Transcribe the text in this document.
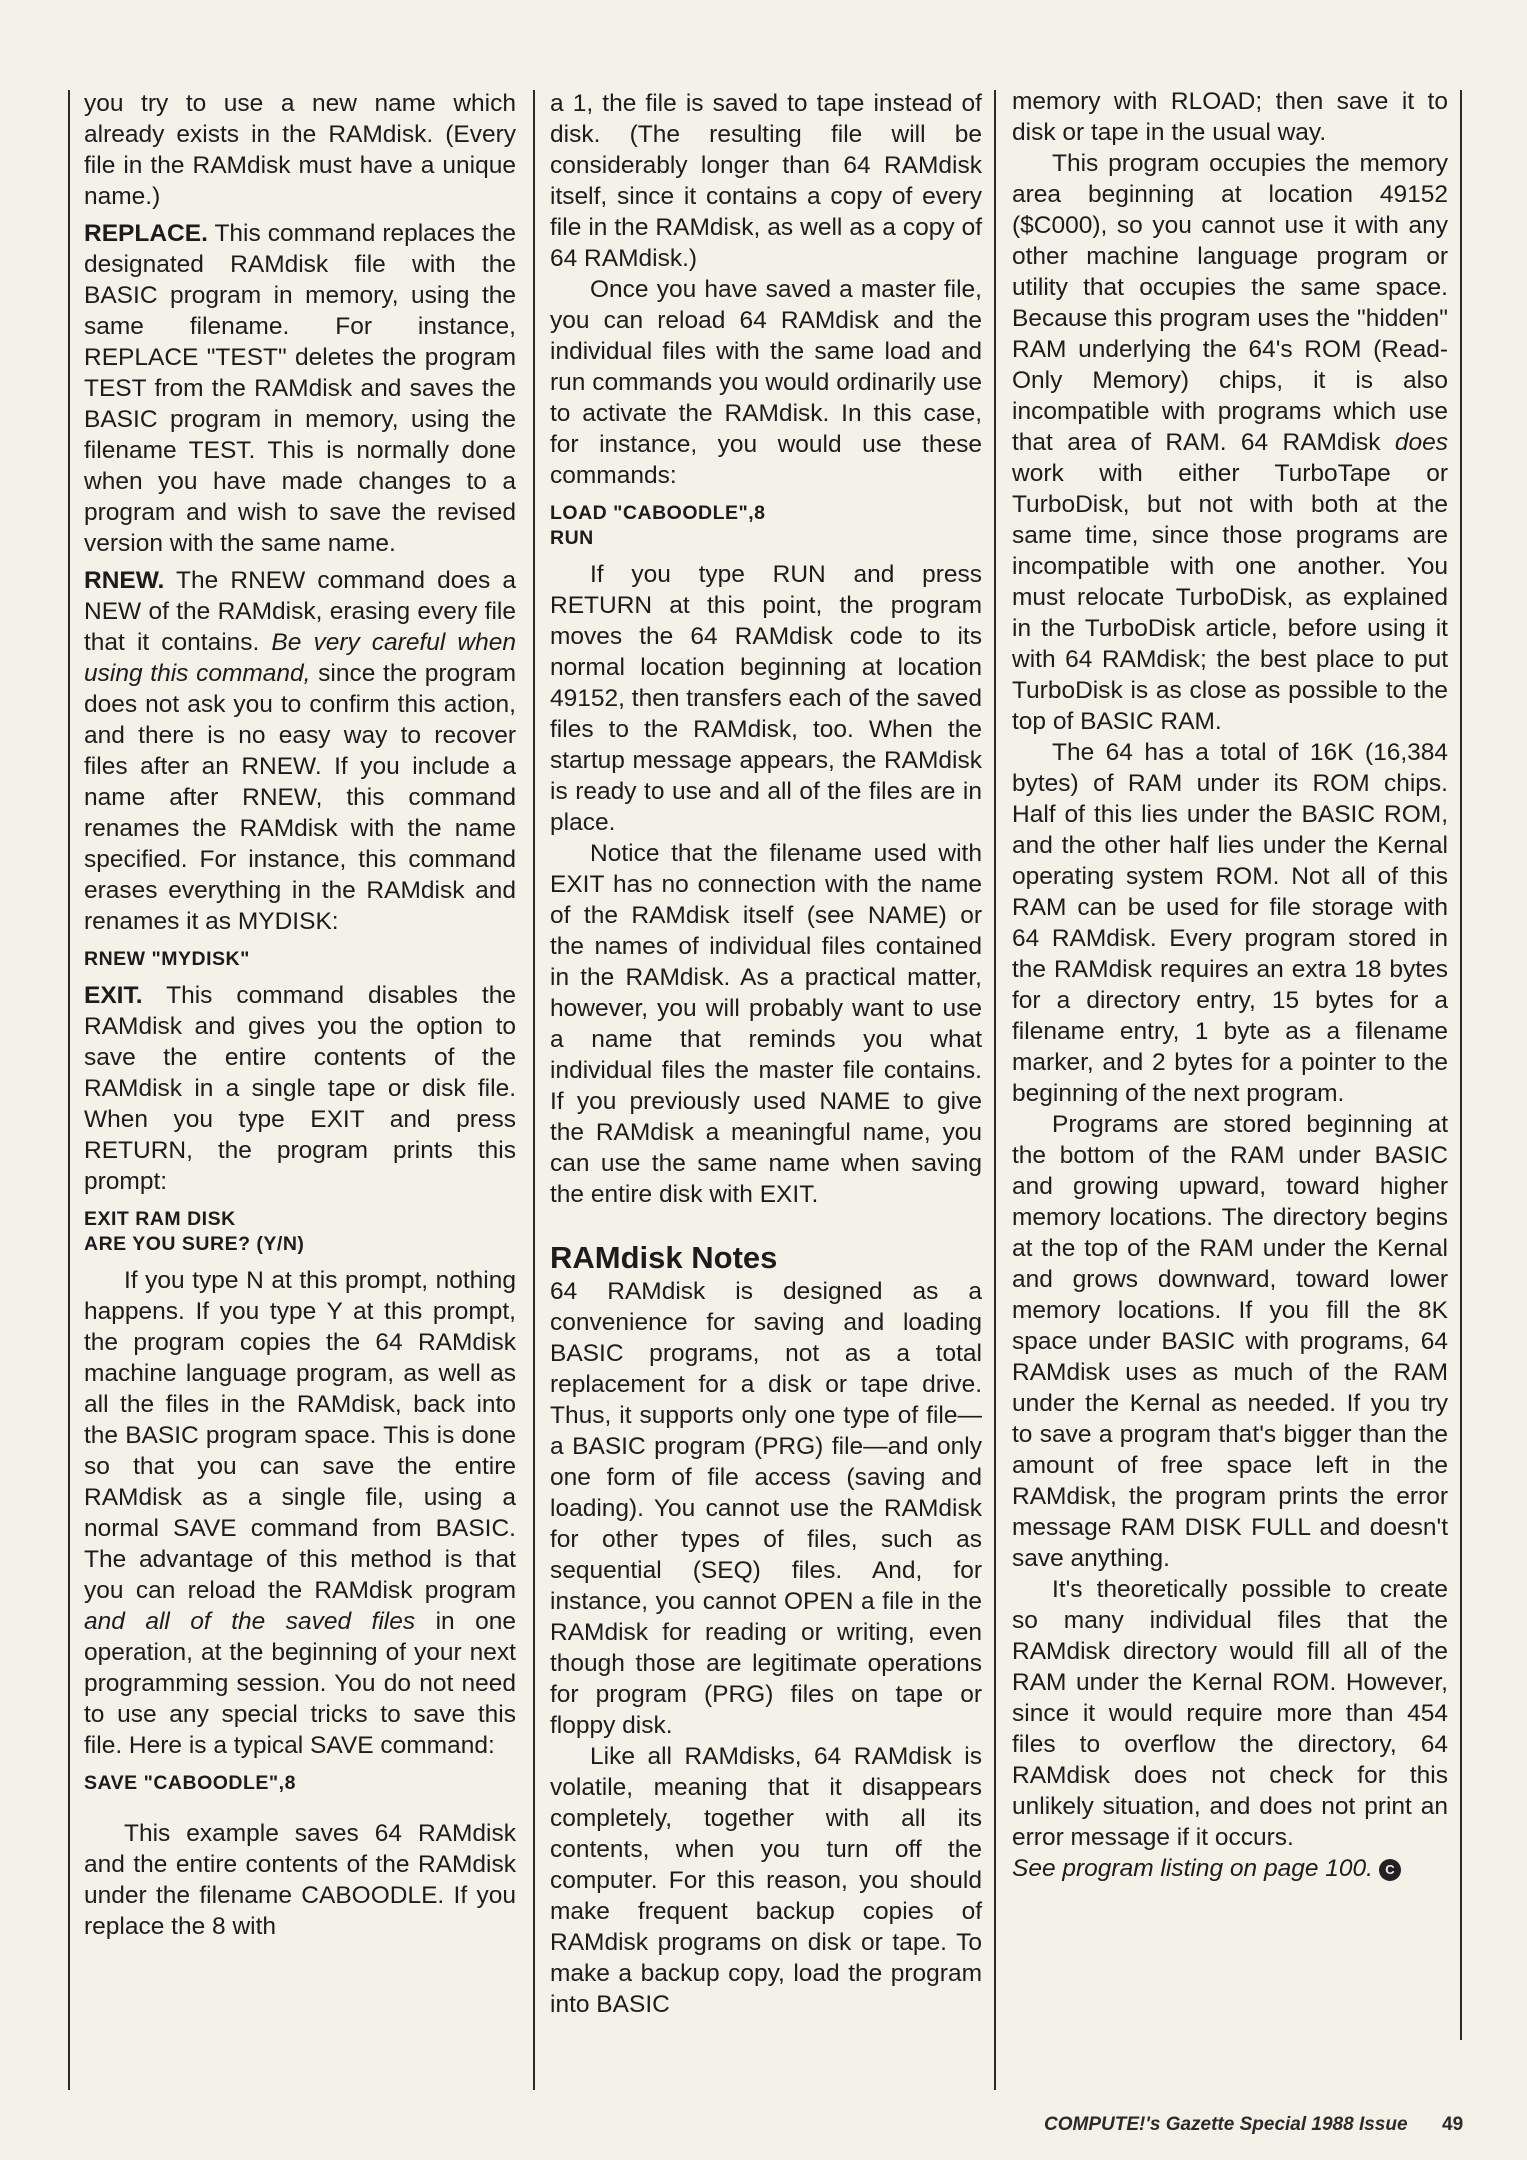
you try to use a new name which already exists in the RAMdisk. (Every file in the RAMdisk must have a unique name.)

REPLACE. This command replaces the designated RAMdisk file with the BASIC program in memory, using the same filename. For instance, REPLACE "TEST" deletes the program TEST from the RAMdisk and saves the BASIC program in memory, using the filename TEST. This is normally done when you have made changes to a program and wish to save the revised version with the same name.

RNEW. The RNEW command does a NEW of the RAMdisk, erasing every file that it contains. Be very careful when using this command, since the program does not ask you to confirm this action, and there is no easy way to recover files after an RNEW. If you include a name after RNEW, this command renames the RAMdisk with the name specified. For instance, this command erases everything in the RAMdisk and renames it as MYDISK:

RNEW "MYDISK"

EXIT. This command disables the RAMdisk and gives you the option to save the entire contents of the RAMdisk in a single tape or disk file. When you type EXIT and press RETURN, the program prints this prompt:

EXIT RAM DISK
ARE YOU SURE? (Y/N)

If you type N at this prompt, nothing happens. If you type Y at this prompt, the program copies the 64 RAMdisk machine language program, as well as all the files in the RAMdisk, back into the BASIC program space. This is done so that you can save the entire RAMdisk as a single file, using a normal SAVE command from BASIC. The advantage of this method is that you can reload the RAMdisk program and all of the saved files in one operation, at the beginning of your next programming session. You do not need to use any special tricks to save this file. Here is a typical SAVE command:

SAVE "CABOODLE",8

This example saves 64 RAMdisk and the entire contents of the RAMdisk under the filename CABOODLE. If you replace the 8 with

a 1, the file is saved to tape instead of disk. (The resulting file will be considerably longer than 64 RAMdisk itself, since it contains a copy of every file in the RAMdisk, as well as a copy of 64 RAMdisk.)

Once you have saved a master file, you can reload 64 RAMdisk and the individual files with the same load and run commands you would ordinarily use to activate the RAMdisk. In this case, for instance, you would use these commands:

LOAD "CABOODLE",8
RUN

If you type RUN and press RETURN at this point, the program moves the 64 RAMdisk code to its normal location beginning at location 49152, then transfers each of the saved files to the RAMdisk, too. When the startup message appears, the RAMdisk is ready to use and all of the files are in place.

Notice that the filename used with EXIT has no connection with the name of the RAMdisk itself (see NAME) or the names of individual files contained in the RAMdisk. As a practical matter, however, you will probably want to use a name that reminds you what individual files the master file contains. If you previously used NAME to give the RAMdisk a meaningful name, you can use the same name when saving the entire disk with EXIT.

RAMdisk Notes

64 RAMdisk is designed as a convenience for saving and loading BASIC programs, not as a total replacement for a disk or tape drive. Thus, it supports only one type of file—a BASIC program (PRG) file—and only one form of file access (saving and loading). You cannot use the RAMdisk for other types of files, such as sequential (SEQ) files. And, for instance, you cannot OPEN a file in the RAMdisk for reading or writing, even though those are legitimate operations for program (PRG) files on tape or floppy disk.

Like all RAMdisks, 64 RAMdisk is volatile, meaning that it disappears completely, together with all its contents, when you turn off the computer. For this reason, you should make frequent backup copies of RAMdisk programs on disk or tape. To make a backup copy, load the program into BASIC

memory with RLOAD; then save it to disk or tape in the usual way.

This program occupies the memory area beginning at location 49152 ($C000), so you cannot use it with any other machine language program or utility that occupies the same space. Because this program uses the "hidden" RAM underlying the 64's ROM (Read-Only Memory) chips, it is also incompatible with programs which use that area of RAM. 64 RAMdisk does work with either TurboTape or TurboDisk, but not with both at the same time, since those programs are incompatible with one another. You must relocate TurboDisk, as explained in the TurboDisk article, before using it with 64 RAMdisk; the best place to put TurboDisk is as close as possible to the top of BASIC RAM.

The 64 has a total of 16K (16,384 bytes) of RAM under its ROM chips. Half of this lies under the BASIC ROM, and the other half lies under the Kernal operating system ROM. Not all of this RAM can be used for file storage with 64 RAMdisk. Every program stored in the RAMdisk requires an extra 18 bytes for a directory entry, 15 bytes for a filename entry, 1 byte as a filename marker, and 2 bytes for a pointer to the beginning of the next program.

Programs are stored beginning at the bottom of the RAM under BASIC and growing upward, toward higher memory locations. The directory begins at the top of the RAM under the Kernal and grows downward, toward lower memory locations. If you fill the 8K space under BASIC with programs, 64 RAMdisk uses as much of the RAM under the Kernal as needed. If you try to save a program that's bigger than the amount of free space left in the RAMdisk, the program prints the error message RAM DISK FULL and doesn't save anything.

It's theoretically possible to create so many individual files that the RAMdisk directory would fill all of the RAM under the Kernal ROM. However, since it would require more than 454 files to overflow the directory, 64 RAMdisk does not check for this unlikely situation, and does not print an error message if it occurs.

See program listing on page 100. C

COMPUTE!'s Gazette Special 1988 Issue 49
